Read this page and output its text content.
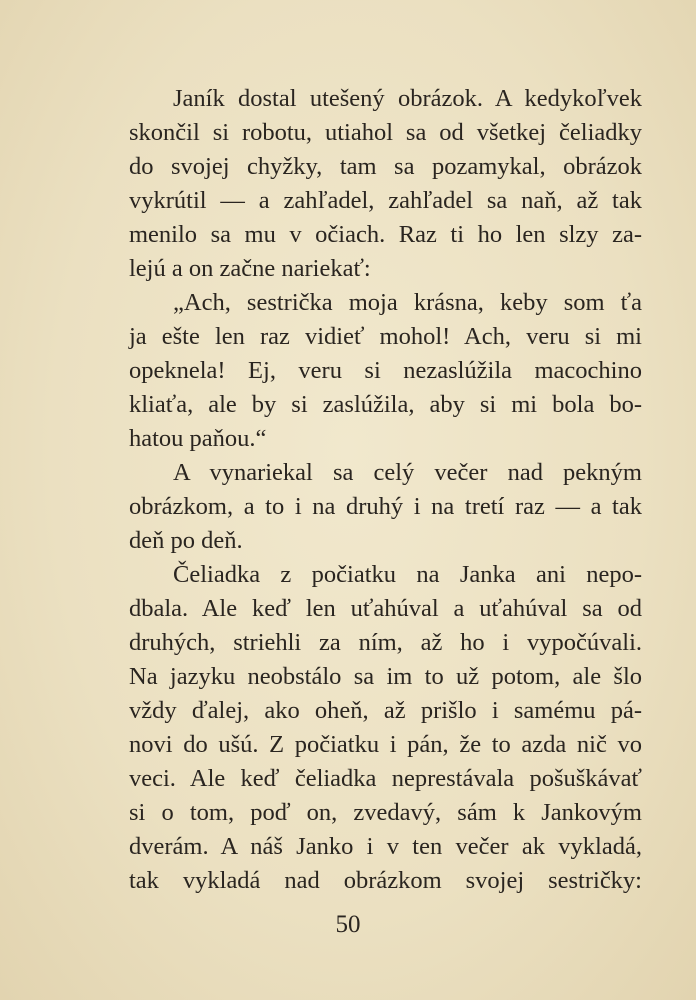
Janík dostal utešený obrázok. A kedykoľvek
skončil si robotu, utiahol sa od všetkej čeliadky
do svojej chyžky, tam sa pozamykal, obrázok
vykrútil — a zahľadel, zahľadel sa naň, až tak
menilo sa mu v očiach. Raz ti ho len slzy za-
lejú a on začne nariekať:
„Ach, sestrička moja krásna, keby som ťa
ja ešte len raz vidieť mohol! Ach, veru si mi
opeknela! Ej, veru si nezaslúžila macochino
kliaťa, ale by si zaslúžila, aby si mi bola bo-
hatou paňou.“
A vynariekal sa celý večer nad pekným
obrázkom, a to i na druhý i na tretí raz — a tak
deň po deň.
Čeliadka z počiatku na Janka ani nepo-
dbala. Ale keď len uťahúval a uťahúval sa od
druhých, striehli za ním, až ho i vypočúvali.
Na jazyku neobstálo sa im to už potom, ale šlo
vždy ďalej, ako oheň, až prišlo i samému pá-
novi do ušú. Z počiatku i pán, že to azda nič vo
veci. Ale keď čeliadka neprestávala pošuškávať
si o tom, poď on, zvedavý, sám k Jankovým
dverám. A náš Janko i v ten večer ak vykladá,
tak vykladá nad obrázkom svojej sestričky:
50
